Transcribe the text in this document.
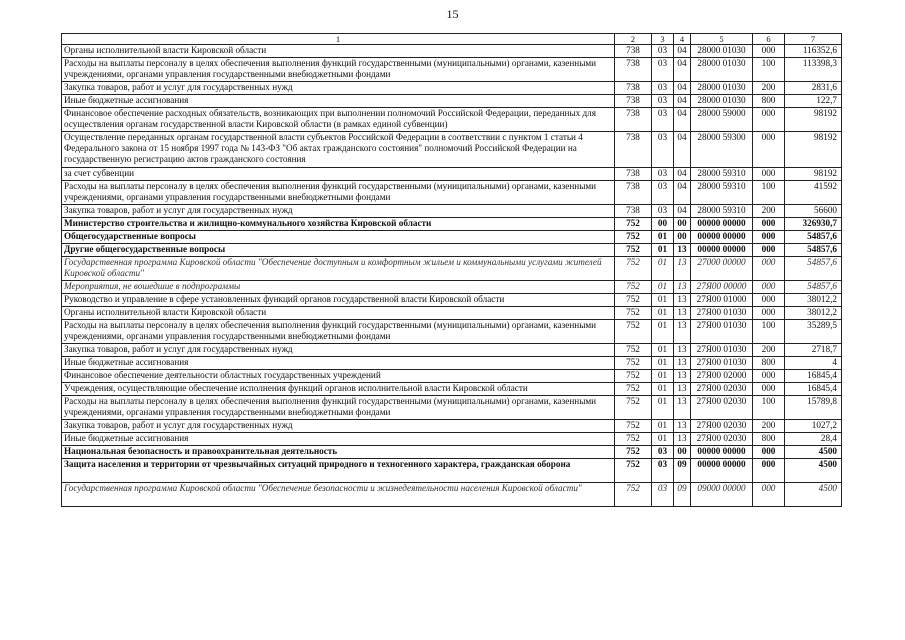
15
1	2	3	4	5	6	7
Органы исполнительной власти Кировской области	738	03	04	28000 01030	000	116352,6
Расходы на выплаты персоналу в целях обеспечения выполнения функций государственными (муниципальными) органами, казенными учреждениями, органами управления государственными внебюджетными фондами	738	03	04	28000 01030	100	113398,3
Закупка товаров, работ и услуг для государственных нужд	738	03	04	28000 01030	200	2831,6
Иные бюджетные ассигнования	738	03	04	28000 01030	800	122,7
Финансовое обеспечение расходных обязательств, возникающих при выполнении полномочий Российской Федерации, переданных для осуществления органам государственной власти Кировской области (в рамках единой субвенции)	738	03	04	28000 59000	000	98192
Осуществление переданных органам государственной власти субъектов Российской Федерации в соответствии с пунктом 1 статьи 4 Федерального закона от 15 ноября 1997 года № 143-ФЗ "Об актах гражданского состояния" полномочий Российской Федерации на государственную регистрацию актов гражданского состояния	738	03	04	28000 59300	000	98192
за счет субвенции	738	03	04	28000 59310	000	98192
Расходы на выплаты персоналу в целях обеспечения выполнения функций государственными (муниципальными) органами, казенными учреждениями, органами управления государственными внебюджетными фондами	738	03	04	28000 59310	100	41592
Закупка товаров, работ и услуг для государственных нужд	738	03	04	28000 59310	200	56600
Министерство строительства и жилищно-коммунального хозяйства Кировской области	752	00	00	00000 00000	000	326930,7
Общегосударственные вопросы	752	01	00	00000 00000	000	54857,6
Другие общегосударственные вопросы	752	01	13	00000 00000	000	54857,6
Государственная программа Кировской области "Обеспечение доступным и комфортным жильем и коммунальными услугами жителей Кировской области"	752	01	13	27000 00000	000	54857,6
Мероприятия, не вошедшие в подпрограммы	752	01	13	27Я00 00000	000	54857,6
Руководство и управление в сфере установленных функций органов государственной власти Кировской области	752	01	13	27Я00 01000	000	38012,2
Органы исполнительной власти Кировской области	752	01	13	27Я00 01030	000	38012,2
Расходы на выплаты персоналу в целях обеспечения выполнения функций государственными (муниципальными) органами, казенными учреждениями, органами управления государственными внебюджетными фондами	752	01	13	27Я00 01030	100	35289,5
Закупка товаров, работ и услуг для государственных нужд	752	01	13	27Я00 01030	200	2718,7
Иные бюджетные ассигнования	752	01	13	27Я00 01030	800	4
Финансовое обеспечение деятельности областных государственных учреждений	752	01	13	27Я00 02000	000	16845,4
Учреждения, осуществляющие обеспечение исполнения функций органов исполнительной власти Кировской области	752	01	13	27Я00 02030	000	16845,4
Расходы на выплаты персоналу в целях обеспечения выполнения функций государственными (муниципальными) органами, казенными учреждениями, органами управления государственными внебюджетными фондами	752	01	13	27Я00 02030	100	15789,8
Закупка товаров, работ и услуг для государственных нужд	752	01	13	27Я00 02030	200	1027,2
Иные бюджетные ассигнования	752	01	13	27Я00 02030	800	28,4
Национальная безопасность и правоохранительная деятельность	752	03	00	00000 00000	000	4500
Защита населения и территории от чрезвычайных ситуаций природного и техногенного характера, гражданская оборона	752	03	09	00000 00000	000	4500
Государственная программа Кировской области "Обеспечение безопасности и жизнедеятельности населения Кировской области"	752	03	09	09000 00000	000	4500
